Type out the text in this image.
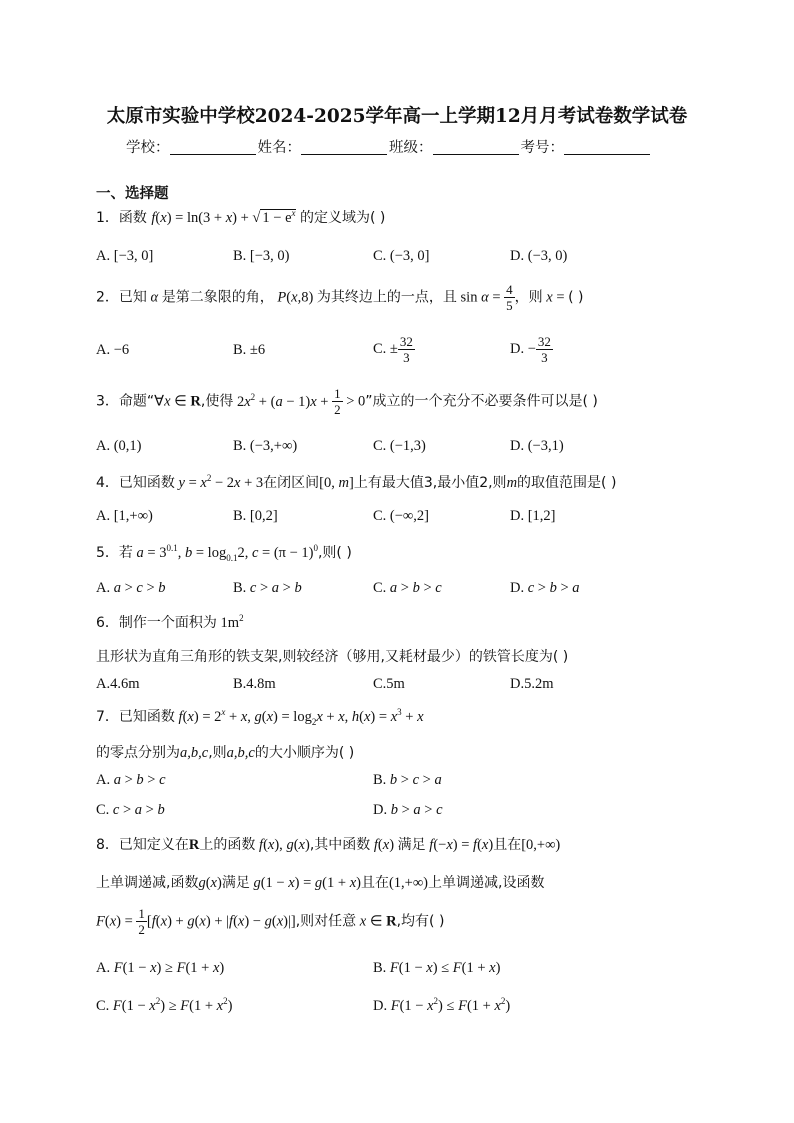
太原市实验中学校2024-2025学年高一上学期12月月考试卷数学试卷
学校：	姓名：	班级：	考号：
一、选择题
1．函数 f(x) = ln(3 + x) + √ $1 - e^x$ 的定义域为( )
A. [−3, 0]	B. [−3, 0)	C. (−3, 0]	D. (−3, 0)
2．已知 α 是第二象限的角， P(x,8) 为其终边上的一点，且 $\sin \alpha = \frac{4}{5}$ ，则 x = ( )
A. −6	B. ±6	C. ± $\frac{32}{3}$	D. − $\frac{32}{3}$
3．命题“∀x ∈ R,使得 $2x^2 + (a - 1)x + \frac{1}{2} > 0$”成立的一个充分不必要条件可以是( )
A. (0,1)	B. (−3,+∞)	C. (−1,3)	D. (−3,1)
4．已知函数 $y = x^2 - 2x + 3$在闭区间[0, m]上有最大值3,最小值2,则m的取值范围是( )
A. [1,+∞)	B. [0,2]	C. (−∞,2]	D. [1,2]
5．若 $a = 3^{0.1}$, $b = \log_{0.1}2$, $c = (\pi - 1)^0$,则( )
A. a > c > b	B. c > a > b	C. a > b > c	D. c > b > a
6．制作一个面积为 $1m^2$
且形状为直角三角形的铁支架,则较经济（够用,又耗材最少）的铁管长度为( )
A.4.6m	B.4.8m	C.5m	D.5.2m
7．已知函数 $f(x) = 2^x + x$, $g(x) = \log_2x + x$, $h(x) = x^3 + x$
的零点分别为a,b,c,则a,b,c的大小顺序为( )
A. a > b > c	B. b > c > a
C. c > a > b	D. b > a > c
8．已知定义在R上的函数 f(x), g(x),其中函数 f(x) 满足 f(−x) = f(x)且在[0,+∞)
上单调递减,函数g(x)满足 g(1 − x) = g(1 + x)且在(1,+∞)上单调递减,设函数
$F(x) = \frac{1}{2} [f(x) + g(x) + |f(x) - g(x)|]$,则对任意 x ∈ R,均有( )
A. F(1 − x) ≥ F(1 + x)	B. F(1 − x) ≤ F(1 + x)
C. $F(1 - x^2) \ge F(1 + x^2)$	D. $F(1 - x^2) \le F(1 + x^2)$
